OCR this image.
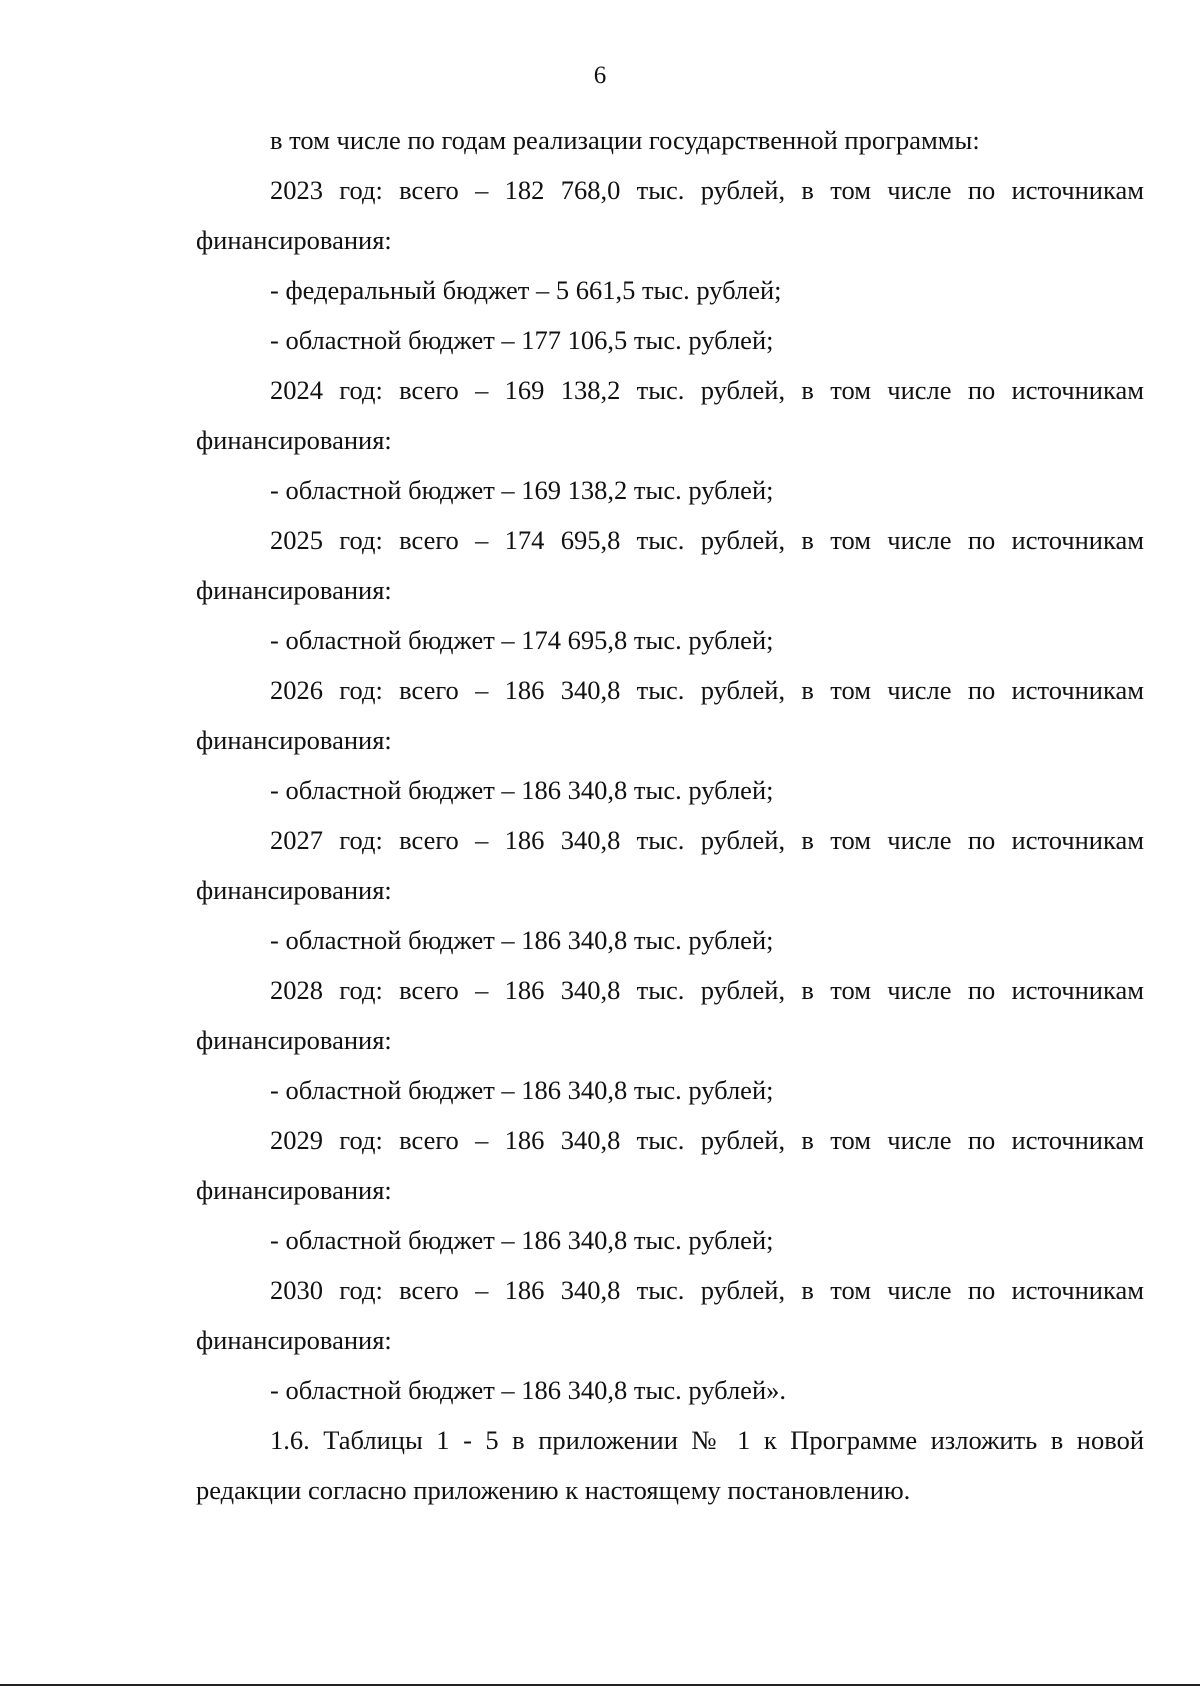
6

в том числе по годам реализации государственной программы:

2023 год: всего – 182 768,0 тыс. рублей, в том числе по источникам финансирования:

- федеральный бюджет – 5 661,5 тыс. рублей;

- областной бюджет – 177 106,5 тыс. рублей;

2024 год: всего – 169 138,2 тыс. рублей, в том числе по источникам финансирования:

- областной бюджет – 169 138,2 тыс. рублей;

2025 год: всего – 174 695,8 тыс. рублей, в том числе по источникам финансирования:

- областной бюджет – 174 695,8 тыс. рублей;

2026 год: всего – 186 340,8 тыс. рублей, в том числе по источникам финансирования:

- областной бюджет – 186 340,8 тыс. рублей;

2027 год: всего – 186 340,8 тыс. рублей, в том числе по источникам финансирования:

- областной бюджет – 186 340,8 тыс. рублей;

2028 год: всего – 186 340,8 тыс. рублей, в том числе по источникам финансирования:

- областной бюджет – 186 340,8 тыс. рублей;

2029 год: всего – 186 340,8 тыс. рублей, в том числе по источникам финансирования:

- областной бюджет – 186 340,8 тыс. рублей;

2030 год: всего – 186 340,8 тыс. рублей, в том числе по источникам финансирования:

- областной бюджет – 186 340,8 тыс. рублей».

1.6. Таблицы 1 - 5 в приложении № 1 к Программе изложить в новой редакции согласно приложению к настоящему постановлению.
